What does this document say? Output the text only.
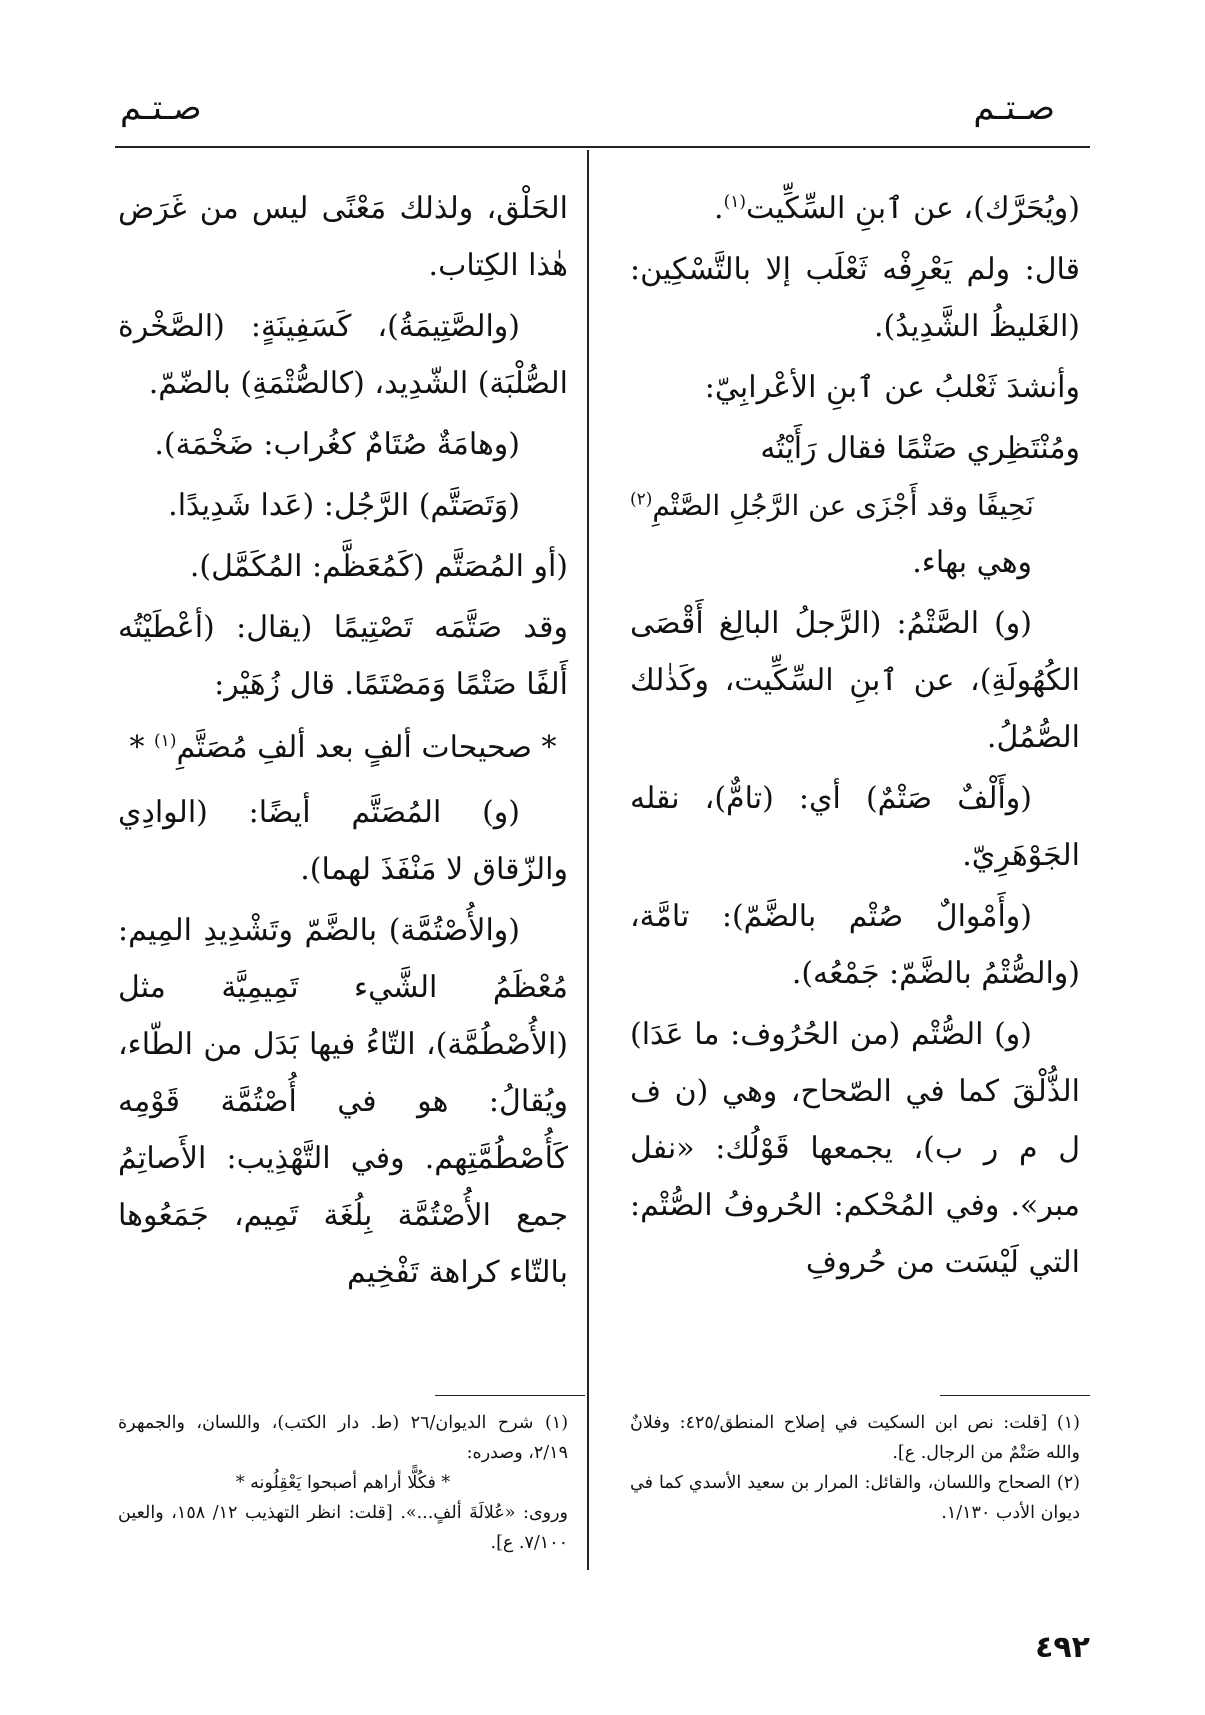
صـتـم
صـتـم

(ويُحَرَّك)، عن ٱبنِ السِّكِّيت$^{(١)}$.

قال: ولم يَعْرِفْه ثَعْلَب إلا بالتَّسْكِين: (الغَليظُ الشَّدِيدُ).

وأنشدَ ثَعْلبُ عن ٱبنِ الأعْرابِيّ:

ومُنْتَظِري صَتْمًا فقال رَأَيْتُه

نَحِيفًا وقد أَجْزَى عن الرَّجُلِ الصَّتْمِ$^{(٢)}$

وهي بهاء.

(و) الصَّتْمُ: (الرَّجلُ البالِغ أَقْصَى الكُهُولَةِ)، عن ٱبنِ السِّكِّيت، وكَذٰلك الصُّمُلُ.

(وأَلْفٌ صَتْمٌ) أي: (تامٌّ)، نقله الجَوْهَرِيّ.

(وأَمْوالٌ صُتْم بالضَّمّ): تامَّة، (والصُّتْمُ بالضَّمّ: جَمْعُه).

(و) الصُّتْم (من الحُرُوف: ما عَدَا) الذُّلْقَ كما في الصّحاح، وهي (ن ف ل م ر ب)، يجمعها قَوْلُك: «نفل مبر». وفي المُحْكم: الحُروفُ الصُّتْم: التي لَيْسَت من حُروفِ

الحَلْق، ولذلك مَعْنًى ليس من غَرَض هٰذا الكِتاب.

(والصَّتِيمَةُ)، كَسَفِينَةٍ: (الصَّخْرة الصُّلْبَة) الشّدِيد، (كالصُّتْمَةِ) بالضّمّ.

(وهامَةٌ صُتَامٌ كغُراب: ضَخْمَة).

(وَتَصَتَّم) الرَّجُل: (عَدا شَدِيدًا.

(أو المُصَتَّم (كَمُعَظَّم: المُكَمَّل).

وقد صَتَّمَه تَصْتِيمًا (يقال: (أعْطَيْتُه أَلفًا صَتْمًا وَمَصْتَمًا. قال زُهَيْر:

* صحيحات ألفٍ بعد ألفِ مُصَتَّمِ$^{(١)}$ *

(و) المُصَتَّم أيضًا: (الوادِي والزّقاق لا مَنْفَذَ لهما).

(والأُصْتُمَّة) بالضَّمّ وتَشْدِيدِ المِيم: مُعْظَمُ الشَّيء تَمِيمِيَّة مثل (الأُصْطُمَّة)، التّاءُ فيها بَدَل من الطّاء، ويُقالُ: هو في أُصْتُمَّة قَوْمِه كَأُصْطُمَّتِهم. وفي التَّهْذِيب: الأَصاتِمُ جمع الأُصْتُمَّة بِلُغَة تَمِيم، جَمَعُوها بالتّاء كراهة تَفْخِيم

(١) [قلت: نص ابن السكيت في إصلاح المنطق/٤٢٥: وفلانٌ والله صَتْمٌ من الرجال. ع].

(٢) الصحاح واللسان، والقائل: المرار بن سعيد الأسدي كما في ديوان الأدب ١/١٣٠.

(١) شرح الديوان/٢٦ (ط. دار الكتب)، واللسان، والجمهرة ٢/١٩، وصدره:

* فكُلًّا أراهم أصبحوا يَعْقِلُونه *

وروى: «عُلالَةَ ألفٍ...». [قلت: انظر التهذيب ١٢/ ١٥٨، والعين ٧/١٠٠. ع].

٤٩٢
